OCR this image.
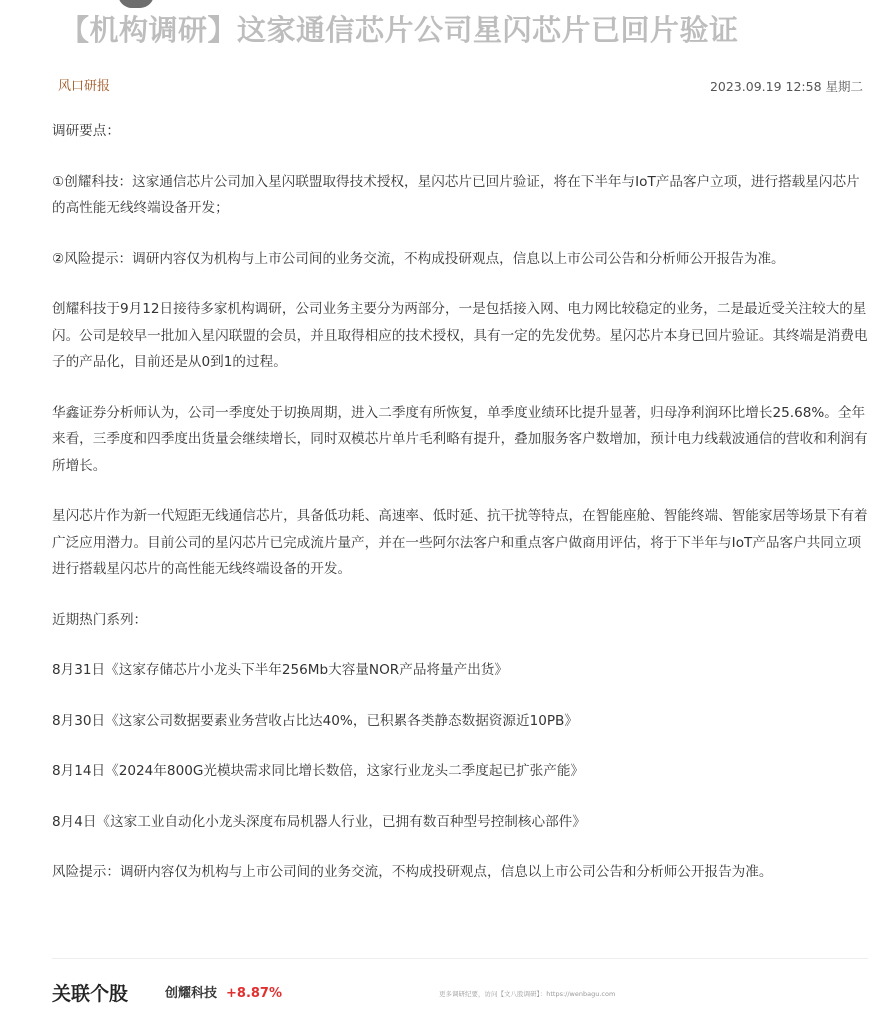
【机构调研】这家通信芯片公司星闪芯片已回片验证
风口研报	2023.09.19 12:58 星期二

调研要点：

①创耀科技：这家通信芯片公司加入星闪联盟取得技术授权，星闪芯片已回片验证，将在下半年与IoT产品客户立项，进行搭载星闪芯片的高性能无线终端设备开发；

②风险提示：调研内容仅为机构与上市公司间的业务交流，不构成投研观点，信息以上市公司公告和分析师公开报告为准。

创耀科技于9月12日接待多家机构调研，公司业务主要分为两部分，一是包括接入网、电力网比较稳定的业务，二是最近受关注较大的星闪。公司是较早一批加入星闪联盟的会员，并且取得相应的技术授权，具有一定的先发优势。星闪芯片本身已回片验证。其终端是消费电子的产品化，目前还是从0到1的过程。

华鑫证券分析师认为，公司一季度处于切换周期，进入二季度有所恢复，单季度业绩环比提升显著，归母净利润环比增长25.68%。全年来看，三季度和四季度出货量会继续增长，同时双模芯片单片毛利略有提升，叠加服务客户数增加，预计电力线载波通信的营收和利润有所增长。

星闪芯片作为新一代短距无线通信芯片，具备低功耗、高速率、低时延、抗干扰等特点，在智能座舱、智能终端、智能家居等场景下有着广泛应用潜力。目前公司的星闪芯片已完成流片量产，并在一些阿尔法客户和重点客户做商用评估，将于下半年与IoT产品客户共同立项进行搭载星闪芯片的高性能无线终端设备的开发。

近期热门系列：

8月31日《这家存储芯片小龙头下半年256Mb大容量NOR产品将量产出货》

8月30日《这家公司数据要素业务营收占比达40%，已积累各类静态数据资源近10PB》

8月14日《2024年800G光模块需求同比增长数倍，这家行业龙头二季度起已扩张产能》

8月4日《这家工业自动化小龙头深度布局机器人行业，已拥有数百种型号控制核心部件》

风险提示：调研内容仅为机构与上市公司间的业务交流，不构成投研观点，信息以上市公司公告和分析师公开报告为准。

关联个股	创耀科技 +8.87%	更多调研纪要，访问【文八股调研】：https://wenbagu.com
